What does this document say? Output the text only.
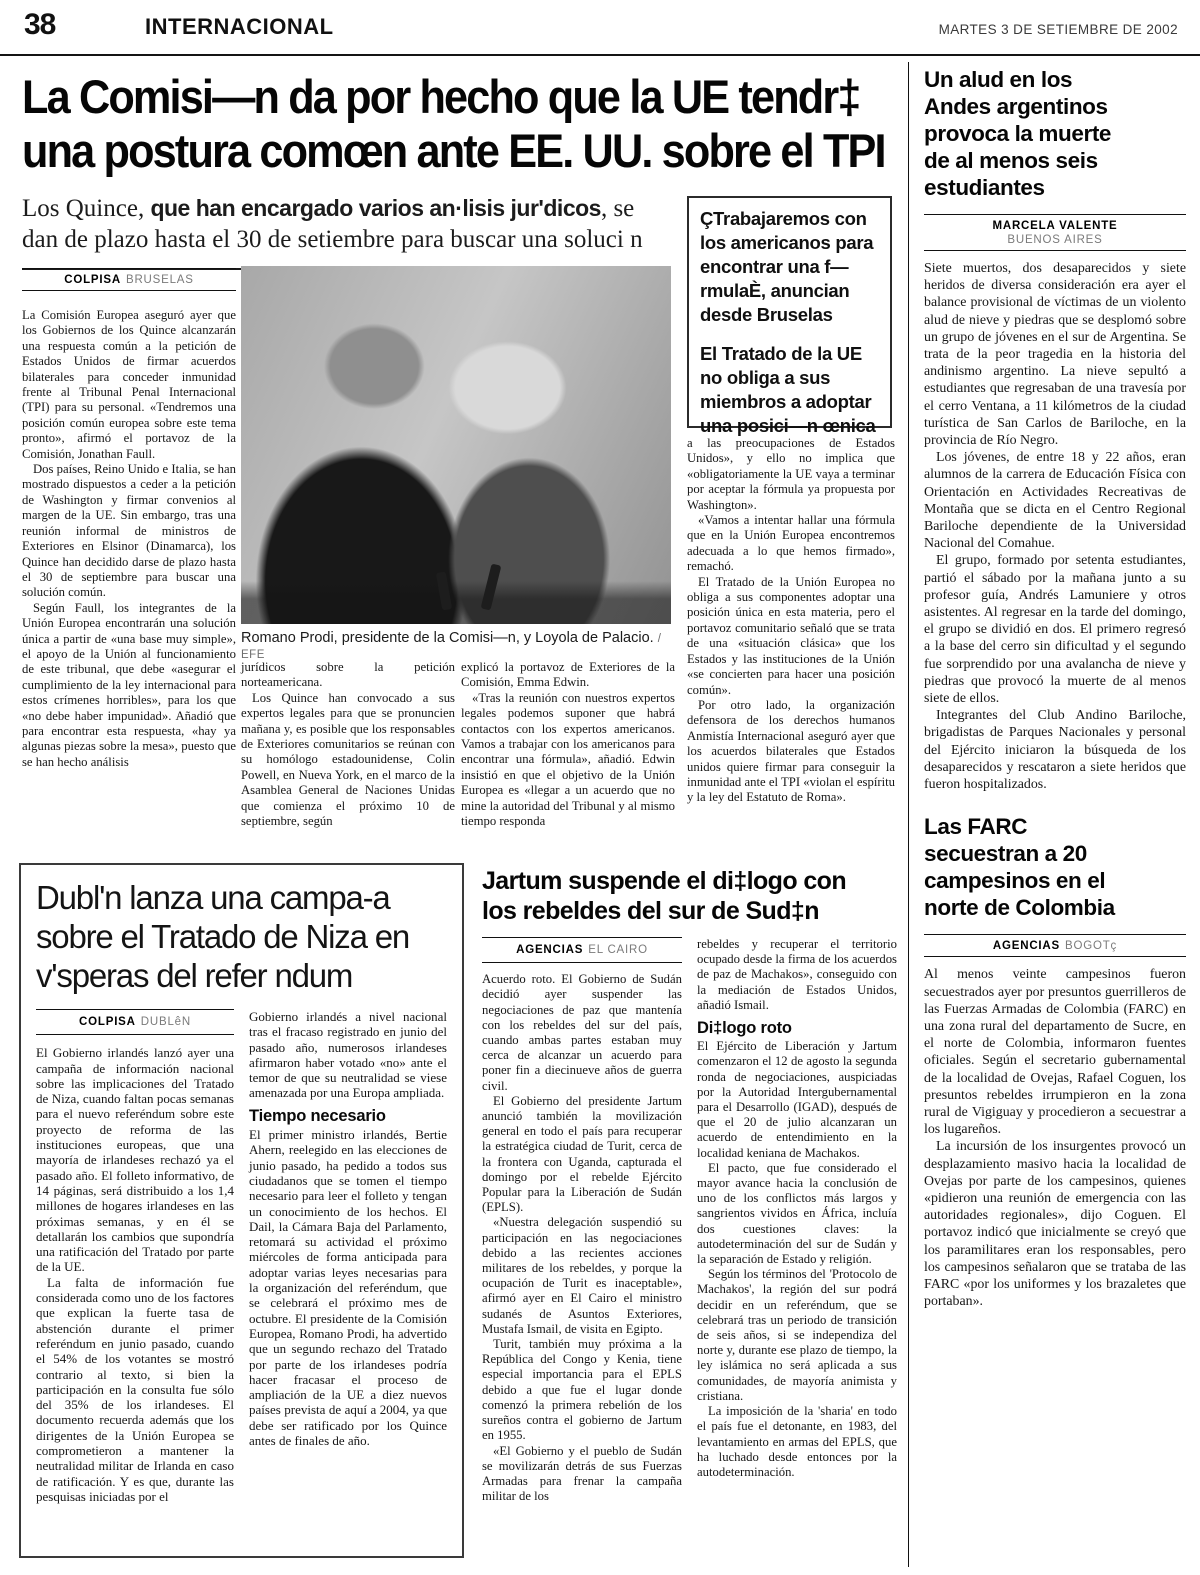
38	INTERNACIONAL	MARTES 3 DE SETIEMBRE DE 2002
La Comisi—n da por hecho que la UE tendr‡
una postura comœn ante EE. UU. sobre el TPI
Los Quince, que han encargado varios an·lisis jur'dicos, se dan de plazo hasta el 30 de setiembre para buscar una soluci n

ÇTrabajaremos con los americanos para encontrar una f—rmulaÈ, anuncian desde Bruselas

El Tratado de la UE no obliga a sus miembros a adoptar una posici—n œnica

COLPISA BRUSELAS
Romano Prodi, presidente de la Comisi—n, y Loyola de Palacio. / EFE

La Comisión Europea aseguró ayer que los Gobiernos de los Quince alcanzarán una respuesta común a la petición de Estados Unidos de firmar acuerdos bilaterales para conceder inmunidad frente al Tribunal Penal Internacional (TPI) para su personal. «Tendremos una posición común europea sobre este tema pronto», afirmó el portavoz de la Comisión, Jonathan Faull.

Dos países, Reino Unido e Italia, se han mostrado dispuestos a ceder a la petición de Washington y firmar convenios al margen de la UE. Sin embargo, tras una reunión informal de ministros de Exteriores en Elsinor (Dinamarca), los Quince han decidido darse de plazo hasta el 30 de septiembre para buscar una solución común.

Según Faull, los integrantes de la Unión Europea encontrarán una solución única a partir de «una base muy simple», el apoyo de la Unión al funcionamiento de este tribunal, que debe «asegurar el cumplimiento de la ley internacional para estos crímenes horribles», para los que «no debe haber impunidad». Añadió que para encontrar esta respuesta, «hay ya algunas piezas sobre la mesa», puesto que se han hecho análisis

jurídicos sobre la petición norteamericana.

Los Quince han convocado a sus expertos legales para que se pronuncien mañana y, es posible que los responsables de Exteriores comunitarios se reúnan con su homólogo estadounidense, Colin Powell, en Nueva York, en el marco de la Asamblea General de Naciones Unidas que comienza el próximo 10 de septiembre, según

explicó la portavoz de Exteriores de la Comisión, Emma Edwin.

«Tras la reunión con nuestros expertos legales podemos suponer que habrá contactos con los expertos americanos. Vamos a trabajar con los americanos para encontrar una fórmula», añadió. Edwin insistió en que el objetivo de la Unión Europea es «llegar a un acuerdo que no mine la autoridad del Tribunal y al mismo tiempo responda

a las preocupaciones de Estados Unidos», y ello no implica que «obligatoriamente la UE vaya a terminar por aceptar la fórmula ya propuesta por Washington».

«Vamos a intentar hallar una fórmula que en la Unión Europea encontremos adecuada a lo que hemos firmado», remachó.

El Tratado de la Unión Europea no obliga a sus componentes adoptar una posición única en esta materia, pero el portavoz comunitario señaló que se trata de una «situación clásica» que los Estados y las instituciones de la Unión «se concierten para hacer una posición común».

Por otro lado, la organización defensora de los derechos humanos Anmistía Internacional aseguró ayer que los acuerdos bilaterales que Estados unidos quiere firmar para conseguir la inmunidad ante el TPI «violan el espíritu y la ley del Estatuto de Roma».

Un alud en los
Andes argentinos
provoca la muerte
de al menos seis
estudiantes
MARCELA VALENTE
BUENOS AIRES

Siete muertos, dos desaparecidos y siete heridos de diversa consideración era ayer el balance provisional de víctimas de un violento alud de nieve y piedras que se desplomó sobre un grupo de jóvenes en el sur de Argentina. Se trata de la peor tragedia en la historia del andinismo argentino. La nieve sepultó a estudiantes que regresaban de una travesía por el cerro Ventana, a 11 kilómetros de la ciudad turística de San Carlos de Bariloche, en la provincia de Río Negro.

Los jóvenes, de entre 18 y 22 años, eran alumnos de la carrera de Educación Física con Orientación en Actividades Recreativas de Montaña que se dicta en el Centro Regional Bariloche dependiente de la Universidad Nacional del Comahue.

El grupo, formado por setenta estudiantes, partió el sábado por la mañana junto a su profesor guía, Andrés Lamuniere y otros asistentes. Al regresar en la tarde del domingo, el grupo se dividió en dos. El primero regresó a la base del cerro sin dificultad y el segundo fue sorprendido por una avalancha de nieve y piedras que provocó la muerte de al menos siete de ellos.

Integrantes del Club Andino Bariloche, brigadistas de Parques Nacionales y personal del Ejército iniciaron la búsqueda de los desaparecidos y rescataron a siete heridos que fueron hospitalizados.

Las FARC
secuestran a 20
campesinos en el
norte de Colombia
AGENCIAS BOGOTç

Al menos veinte campesinos fueron secuestrados ayer por presuntos guerrilleros de las Fuerzas Armadas de Colombia (FARC) en una zona rural del departamento de Sucre, en el norte de Colombia, informaron fuentes oficiales. Según el secretario gubernamental de la localidad de Ovejas, Rafael Coguen, los presuntos rebeldes irrumpieron en la zona rural de Vigiguay y procedieron a secuestrar a los lugareños.

La incursión de los insurgentes provocó un desplazamiento masivo hacia la localidad de Ovejas por parte de los campesinos, quienes «pidieron una reunión de emergencia con las autoridades regionales», dijo Coguen. El portavoz indicó que inicialmente se creyó que los paramilitares eran los responsables, pero los campesinos señalaron que se trataba de las FARC «por los uniformes y los brazaletes que portaban».

Dubl'n lanza una campa-a
sobre el Tratado de Niza en
v'speras del refer ndum
COLPISA DUBLêN

El Gobierno irlandés lanzó ayer una campaña de información nacional sobre las implicaciones del Tratado de Niza, cuando faltan pocas semanas para el nuevo referéndum sobre este proyecto de reforma de las instituciones europeas, que una mayoría de irlandeses rechazó ya el pasado año. El folleto informativo, de 14 páginas, será distribuido a los 1,4 millones de hogares irlandeses en las próximas semanas, y en él se detallarán los cambios que supondría una ratificación del Tratado por parte de la UE.

La falta de información fue considerada como uno de los factores que explican la fuerte tasa de abstención durante el primer referéndum en junio pasado, cuando el 54% de los votantes se mostró contrario al texto, si bien la participación en la consulta fue sólo del 35% de los irlandeses. El documento recuerda además que los dirigentes de la Unión Europea se comprometieron a mantener la neutralidad militar de Irlanda en caso de ratificación. Y es que, durante las pesquisas iniciadas por el

Gobierno irlandés a nivel nacional tras el fracaso registrado en junio del pasado año, numerosos irlandeses afirmaron haber votado «no» ante el temor de que su neutralidad se viese amenazada por una Europa ampliada.

Tiempo necesario

El primer ministro irlandés, Bertie Ahern, reelegido en las elecciones de junio pasado, ha pedido a todos sus ciudadanos que se tomen el tiempo necesario para leer el folleto y tengan un conocimiento de los hechos. El Dail, la Cámara Baja del Parlamento, retomará su actividad el próximo miércoles de forma anticipada para adoptar varias leyes necesarias para la organización del referéndum, que se celebrará el próximo mes de octubre. El presidente de la Comisión Europea, Romano Prodi, ha advertido que un segundo rechazo del Tratado por parte de los irlandeses podría hacer fracasar el proceso de ampliación de la UE a diez nuevos países prevista de aquí a 2004, ya que debe ser ratificado por los Quince antes de finales de año.

Jartum suspende el di‡logo con
los rebeldes del sur de Sud‡n
AGENCIAS EL CAIRO

Acuerdo roto. El Gobierno de Sudán decidió ayer suspender las negociaciones de paz que mantenía con los rebeldes del sur del país, cuando ambas partes estaban muy cerca de alcanzar un acuerdo para poner fin a diecinueve años de guerra civil.

El Gobierno del presidente Jartum anunció también la movilización general en todo el país para recuperar la estratégica ciudad de Turit, cerca de la frontera con Uganda, capturada el domingo por el rebelde Ejército Popular para la Liberación de Sudán (EPLS).

«Nuestra delegación suspendió su participación en las negociaciones debido a las recientes acciones militares de los rebeldes, y porque la ocupación de Turit es inaceptable», afirmó ayer en El Cairo el ministro sudanés de Asuntos Exteriores, Mustafa Ismail, de visita en Egipto.

Turit, también muy próxima a la República del Congo y Kenia, tiene especial importancia para el EPLS debido a que fue el lugar donde comenzó la primera rebelión de los sureños contra el gobierno de Jartum en 1955.

«El Gobierno y el pueblo de Sudán se movilizarán detrás de sus Fuerzas Armadas para frenar la campaña militar de los

rebeldes y recuperar el territorio ocupado desde la firma de los acuerdos de paz de Machakos», conseguido con la mediación de Estados Unidos, añadió Ismail.

Di‡logo roto

El Ejército de Liberación y Jartum comenzaron el 12 de agosto la segunda ronda de negociaciones, auspiciadas por la Autoridad Intergubernamental para el Desarrollo (IGAD), después de que el 20 de julio alcanzaran un acuerdo de entendimiento en la localidad keniana de Machakos.

El pacto, que fue considerado el mayor avance hacia la conclusión de uno de los conflictos más largos y sangrientos vividos en África, incluía dos cuestiones claves: la autodeterminación del sur de Sudán y la separación de Estado y religión.

Según los términos del 'Protocolo de Machakos', la región del sur podrá decidir en un referéndum, que se celebrará tras un periodo de transición de seis años, si se independiza del norte y, durante ese plazo de tiempo, la ley islámica no será aplicada a sus comunidades, de mayoría animista y cristiana.

La imposición de la 'sharia' en todo el país fue el detonante, en 1983, del levantamiento en armas del EPLS, que ha luchado desde entonces por la autodeterminación.
